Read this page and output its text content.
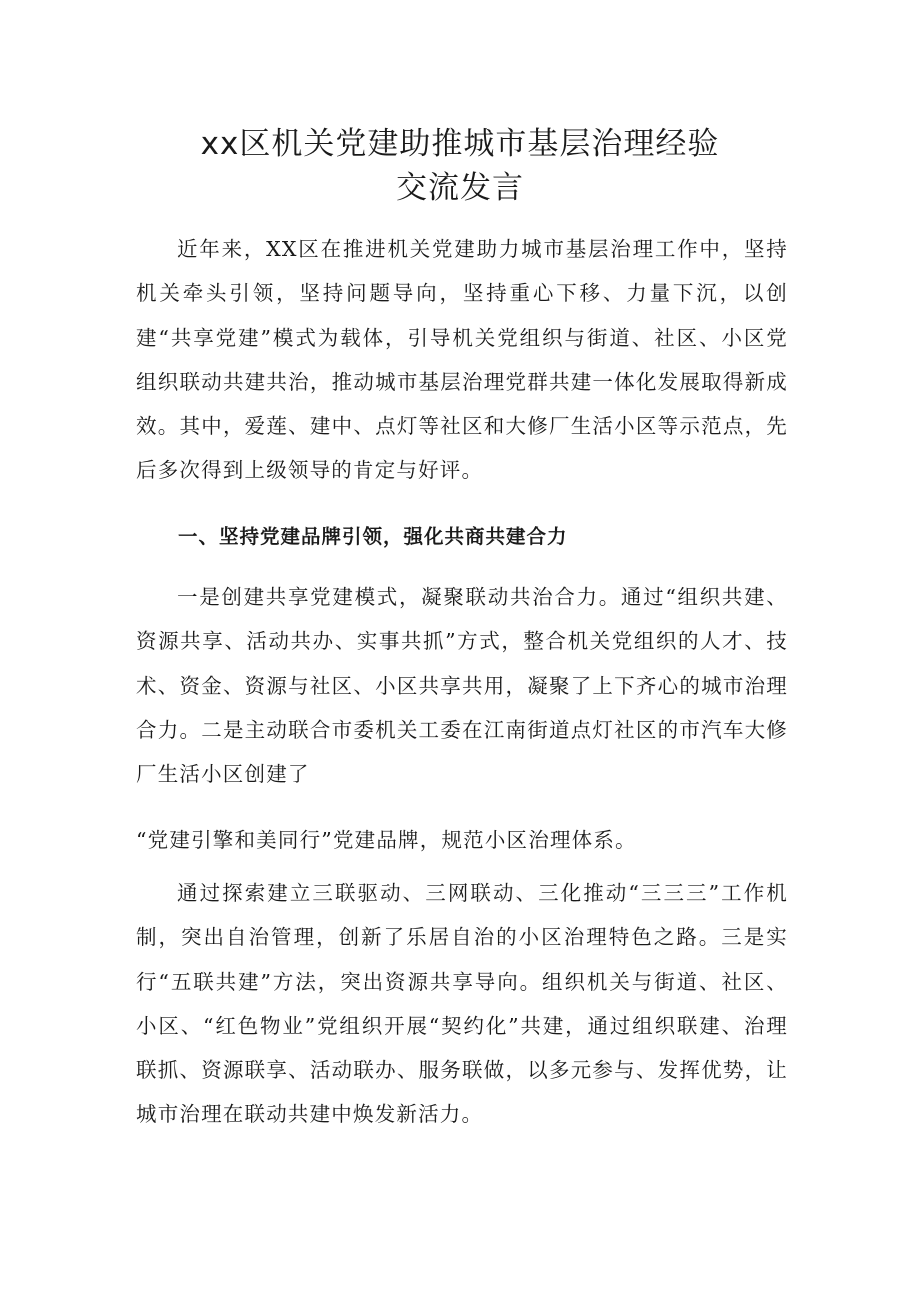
xx区机关党建助推城市基层治理经验
交流发言

近年来，XX区在推进机关党建助力城市基层治理工作中，坚持机关牵头引领，坚持问题导向，坚持重心下移、力量下沉，以创建“共享党建”模式为载体，引导机关党组织与街道、社区、小区党组织联动共建共治，推动城市基层治理党群共建一体化发展取得新成效。其中，爱莲、建中、点灯等社区和大修厂生活小区等示范点，先后多次得到上级领导的肯定与好评。

一、坚持党建品牌引领，强化共商共建合力

一是创建共享党建模式，凝聚联动共治合力。通过“组织共建、资源共享、活动共办、实事共抓”方式，整合机关党组织的人才、技术、资金、资源与社区、小区共享共用，凝聚了上下齐心的城市治理合力。二是主动联合市委机关工委在江南街道点灯社区的市汽车大修厂生活小区创建了

“党建引擎和美同行”党建品牌，规范小区治理体系。

通过探索建立三联驱动、三网联动、三化推动“三三三”工作机制，突出自治管理，创新了乐居自治的小区治理特色之路。三是实行“五联共建”方法，突出资源共享导向。组织机关与街道、社区、小区、“红色物业”党组织开展“契约化”共建，通过组织联建、治理联抓、资源联享、活动联办、服务联做，以多元参与、发挥优势，让城市治理在联动共建中焕发新活力。
